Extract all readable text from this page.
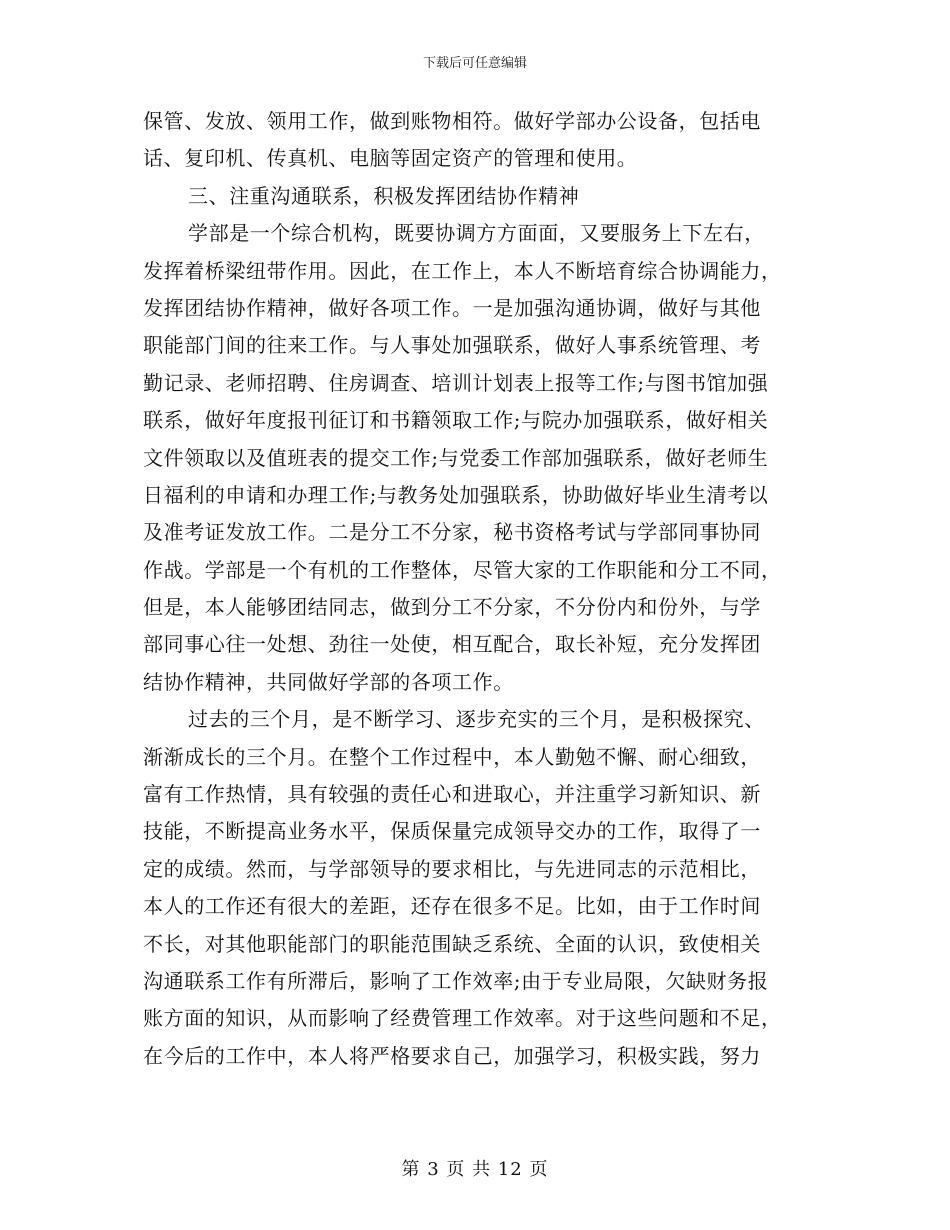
下载后可任意编辑
保管、发放、领用工作，做到账物相符。做好学部办公设备，包括电
话、复印机、传真机、电脑等固定资产的管理和使用。
三、注重沟通联系，积极发挥团结协作精神
学部是一个综合机构，既要协调方方面面，又要服务上下左右，
发挥着桥梁纽带作用。因此，在工作上，本人不断培育综合协调能力，
发挥团结协作精神，做好各项工作。一是加强沟通协调，做好与其他
职能部门间的往来工作。与人事处加强联系，做好人事系统管理、考
勤记录、老师招聘、住房调查、培训计划表上报等工作;与图书馆加强
联系，做好年度报刊征订和书籍领取工作;与院办加强联系，做好相关
文件领取以及值班表的提交工作;与党委工作部加强联系，做好老师生
日福利的申请和办理工作;与教务处加强联系，协助做好毕业生清考以
及准考证发放工作。二是分工不分家，秘书资格考试与学部同事协同
作战。学部是一个有机的工作整体，尽管大家的工作职能和分工不同，
但是，本人能够团结同志，做到分工不分家，不分份内和份外，与学
部同事心往一处想、劲往一处使，相互配合，取长补短，充分发挥团
结协作精神，共同做好学部的各项工作。
过去的三个月，是不断学习、逐步充实的三个月，是积极探究、
渐渐成长的三个月。在整个工作过程中，本人勤勉不懈、耐心细致，
富有工作热情，具有较强的责任心和进取心，并注重学习新知识、新
技能，不断提高业务水平，保质保量完成领导交办的工作，取得了一
定的成绩。然而，与学部领导的要求相比，与先进同志的示范相比，
本人的工作还有很大的差距，还存在很多不足。比如，由于工作时间
不长，对其他职能部门的职能范围缺乏系统、全面的认识，致使相关
沟通联系工作有所滞后，影响了工作效率;由于专业局限，欠缺财务报
账方面的知识，从而影响了经费管理工作效率。对于这些问题和不足，
在今后的工作中，本人将严格要求自己，加强学习，积极实践，努力
第 3 页 共 12 页
